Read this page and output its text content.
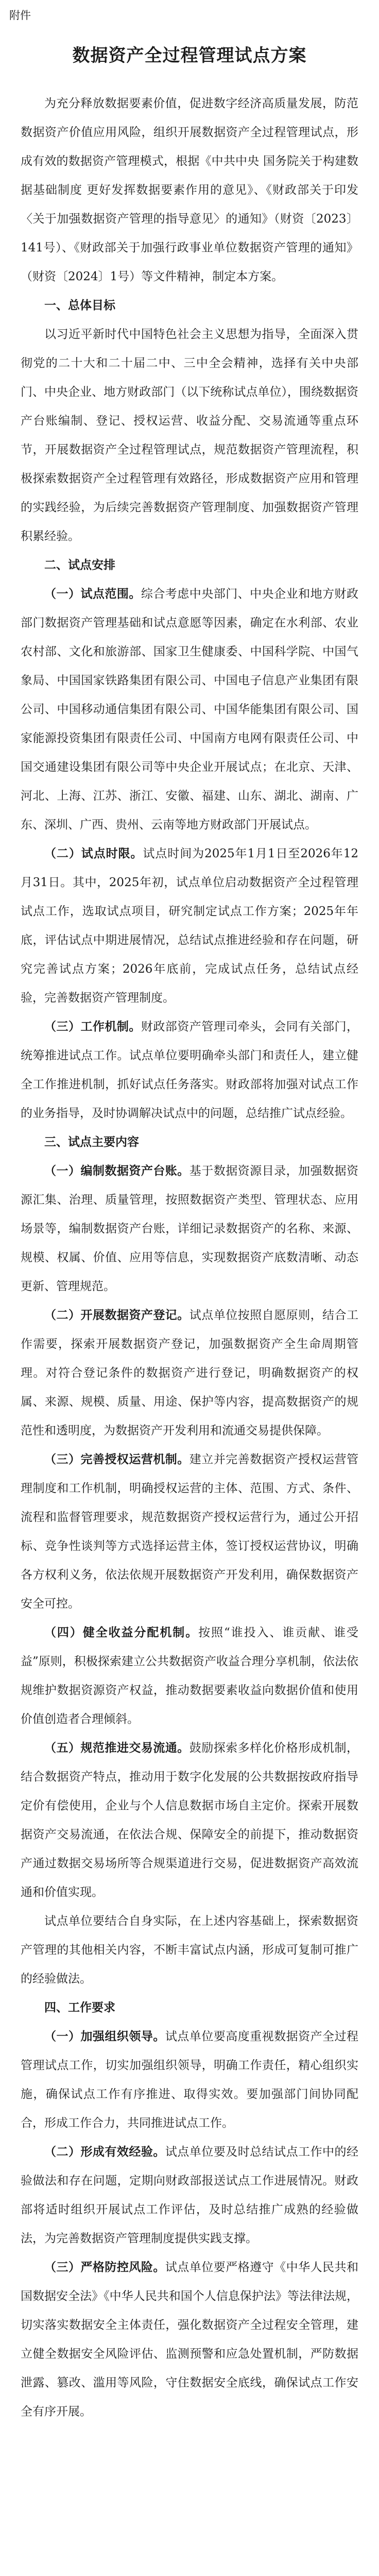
附件
数据资产全过程管理试点方案

为充分释放数据要素价值，促进数字经济高质量发展，防范数据资产价值应用风险，组织开展数据资产全过程管理试点，形成有效的数据资产管理模式，根据《中共中央 国务院关于构建数据基础制度 更好发挥数据要素作用的意见》、《财政部关于印发〈关于加强数据资产管理的指导意见〉的通知》（财资〔2023〕141号）、《财政部关于加强行政事业单位数据资产管理的通知》（财资〔2024〕1号）等文件精神，制定本方案。

一、总体目标

以习近平新时代中国特色社会主义思想为指导，全面深入贯彻党的二十大和二十届二中、三中全会精神，选择有关中央部门、中央企业、地方财政部门（以下统称试点单位），围绕数据资产台账编制、登记、授权运营、收益分配、交易流通等重点环节，开展数据资产全过程管理试点，规范数据资产管理流程，积极探索数据资产全过程管理有效路径，形成数据资产应用和管理的实践经验，为后续完善数据资产管理制度、加强数据资产管理积累经验。

二、试点安排

（一）试点范围。综合考虑中央部门、中央企业和地方财政部门数据资产管理基础和试点意愿等因素，确定在水利部、农业农村部、文化和旅游部、国家卫生健康委、中国科学院、中国气象局、中国国家铁路集团有限公司、中国电子信息产业集团有限公司、中国移动通信集团有限公司、中国华能集团有限公司、国家能源投资集团有限责任公司、中国南方电网有限责任公司、中国交通建设集团有限公司等中央企业开展试点；在北京、天津、河北、上海、江苏、浙江、安徽、福建、山东、湖北、湖南、广东、深圳、广西、贵州、云南等地方财政部门开展试点。

（二）试点时限。试点时间为2025年1月1日至2026年12月31日。其中，2025年初，试点单位启动数据资产全过程管理试点工作，选取试点项目，研究制定试点工作方案；2025年年底，评估试点中期进展情况，总结试点推进经验和存在问题，研究完善试点方案；2026年底前，完成试点任务，总结试点经验，完善数据资产管理制度。

（三）工作机制。财政部资产管理司牵头，会同有关部门，统筹推进试点工作。试点单位要明确牵头部门和责任人，建立健全工作推进机制，抓好试点任务落实。财政部将加强对试点工作的业务指导，及时协调解决试点中的问题，总结推广试点经验。

三、试点主要内容

（一）编制数据资产台账。基于数据资源目录，加强数据资源汇集、治理、质量管理，按照数据资产类型、管理状态、应用场景等，编制数据资产台账，详细记录数据资产的名称、来源、规模、权属、价值、应用等信息，实现数据资产底数清晰、动态更新、管理规范。

（二）开展数据资产登记。试点单位按照自愿原则，结合工作需要，探索开展数据资产登记，加强数据资产全生命周期管理。对符合登记条件的数据资产进行登记，明确数据资产的权属、来源、规模、质量、用途、保护等内容，提高数据资产的规范性和透明度，为数据资产开发利用和流通交易提供保障。

（三）完善授权运营机制。建立并完善数据资产授权运营管理制度和工作机制，明确授权运营的主体、范围、方式、条件、流程和监督管理要求，规范数据资产授权运营行为，通过公开招标、竞争性谈判等方式选择运营主体，签订授权运营协议，明确各方权利义务，依法依规开展数据资产开发利用，确保数据资产安全可控。

（四）健全收益分配机制。按照“谁投入、谁贡献、谁受益”原则，积极探索建立公共数据资产收益合理分享机制，依法依规维护数据资源资产权益，推动数据要素收益向数据价值和使用价值创造者合理倾斜。

（五）规范推进交易流通。鼓励探索多样化价格形成机制，结合数据资产特点，推动用于数字化发展的公共数据按政府指导定价有偿使用，企业与个人信息数据市场自主定价。探索开展数据资产交易流通，在依法合规、保障安全的前提下，推动数据资产通过数据交易场所等合规渠道进行交易，促进数据资产高效流通和价值实现。

试点单位要结合自身实际，在上述内容基础上，探索数据资产管理的其他相关内容，不断丰富试点内涵，形成可复制可推广的经验做法。

四、工作要求

（一）加强组织领导。试点单位要高度重视数据资产全过程管理试点工作，切实加强组织领导，明确工作责任，精心组织实施，确保试点工作有序推进、取得实效。要加强部门间协同配合，形成工作合力，共同推进试点工作。

（二）形成有效经验。试点单位要及时总结试点工作中的经验做法和存在问题，定期向财政部报送试点工作进展情况。财政部将适时组织开展试点工作评估，及时总结推广成熟的经验做法，为完善数据资产管理制度提供实践支撑。

（三）严格防控风险。试点单位要严格遵守《中华人民共和国数据安全法》《中华人民共和国个人信息保护法》等法律法规，切实落实数据安全主体责任，强化数据资产全过程安全管理，建立健全数据安全风险评估、监测预警和应急处置机制，严防数据泄露、篡改、滥用等风险，守住数据安全底线，确保试点工作安全有序开展。
